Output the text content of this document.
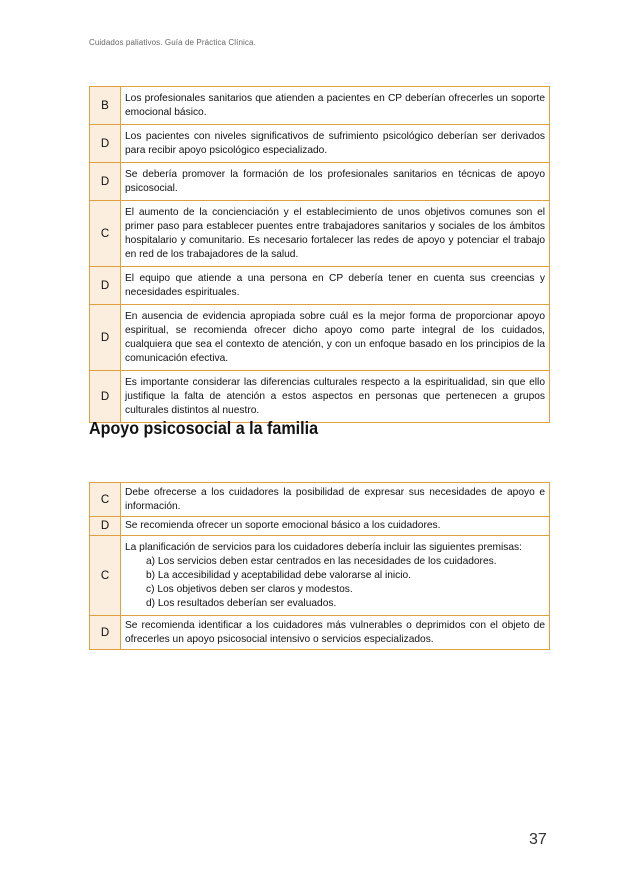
Cuidados paliativos. Guía de Práctica Clínica.
B	Los profesionales sanitarios que atienden a pacientes en CP deberían ofrecerles un soporte emocional básico.
D	Los pacientes con niveles significativos de sufrimiento psicológico deberían ser derivados para recibir apoyo psicológico especializado.
D	Se debería promover la formación de los profesionales sanitarios en técnicas de apoyo psicosocial.
C	El aumento de la concienciación y el establecimiento de unos objetivos comunes son el primer paso para establecer puentes entre trabajadores sanitarios y sociales de los ámbitos hospitalario y comunitario. Es necesario fortalecer las redes de apoyo y potenciar el trabajo en red de los trabajadores de la salud.
D	El equipo que atiende a una persona en CP debería tener en cuenta sus creencias y necesidades espirituales.
D	En ausencia de evidencia apropiada sobre cuál es la mejor forma de proporcionar apoyo espiritual, se recomienda ofrecer dicho apoyo como parte integral de los cuidados, cualquiera que sea el contexto de atención, y con un enfoque basado en los principios de la comunicación efectiva.
D	Es importante considerar las diferencias culturales respecto a la espiritualidad, sin que ello justifique la falta de atención a estos aspectos en personas que pertenecen a grupos culturales distintos al nuestro.
Apoyo psicosocial a la familia
C	Debe ofrecerse a los cuidadores la posibilidad de expresar sus necesidades de apoyo e información.
D	Se recomienda ofrecer un soporte emocional básico a los cuidadores.
C	La planificación de servicios para los cuidadores debería incluir las siguientes premisas:
a) Los servicios deben estar centrados en las necesidades de los cuidadores.
b) La accesibilidad y aceptabilidad debe valorarse al inicio.
c) Los objetivos deben ser claros y modestos.
d) Los resultados deberían ser evaluados.

D	Se recomienda identificar a los cuidadores más vulnerables o deprimidos con el objeto de ofrecerles un apoyo psicosocial intensivo o servicios especializados.
37
